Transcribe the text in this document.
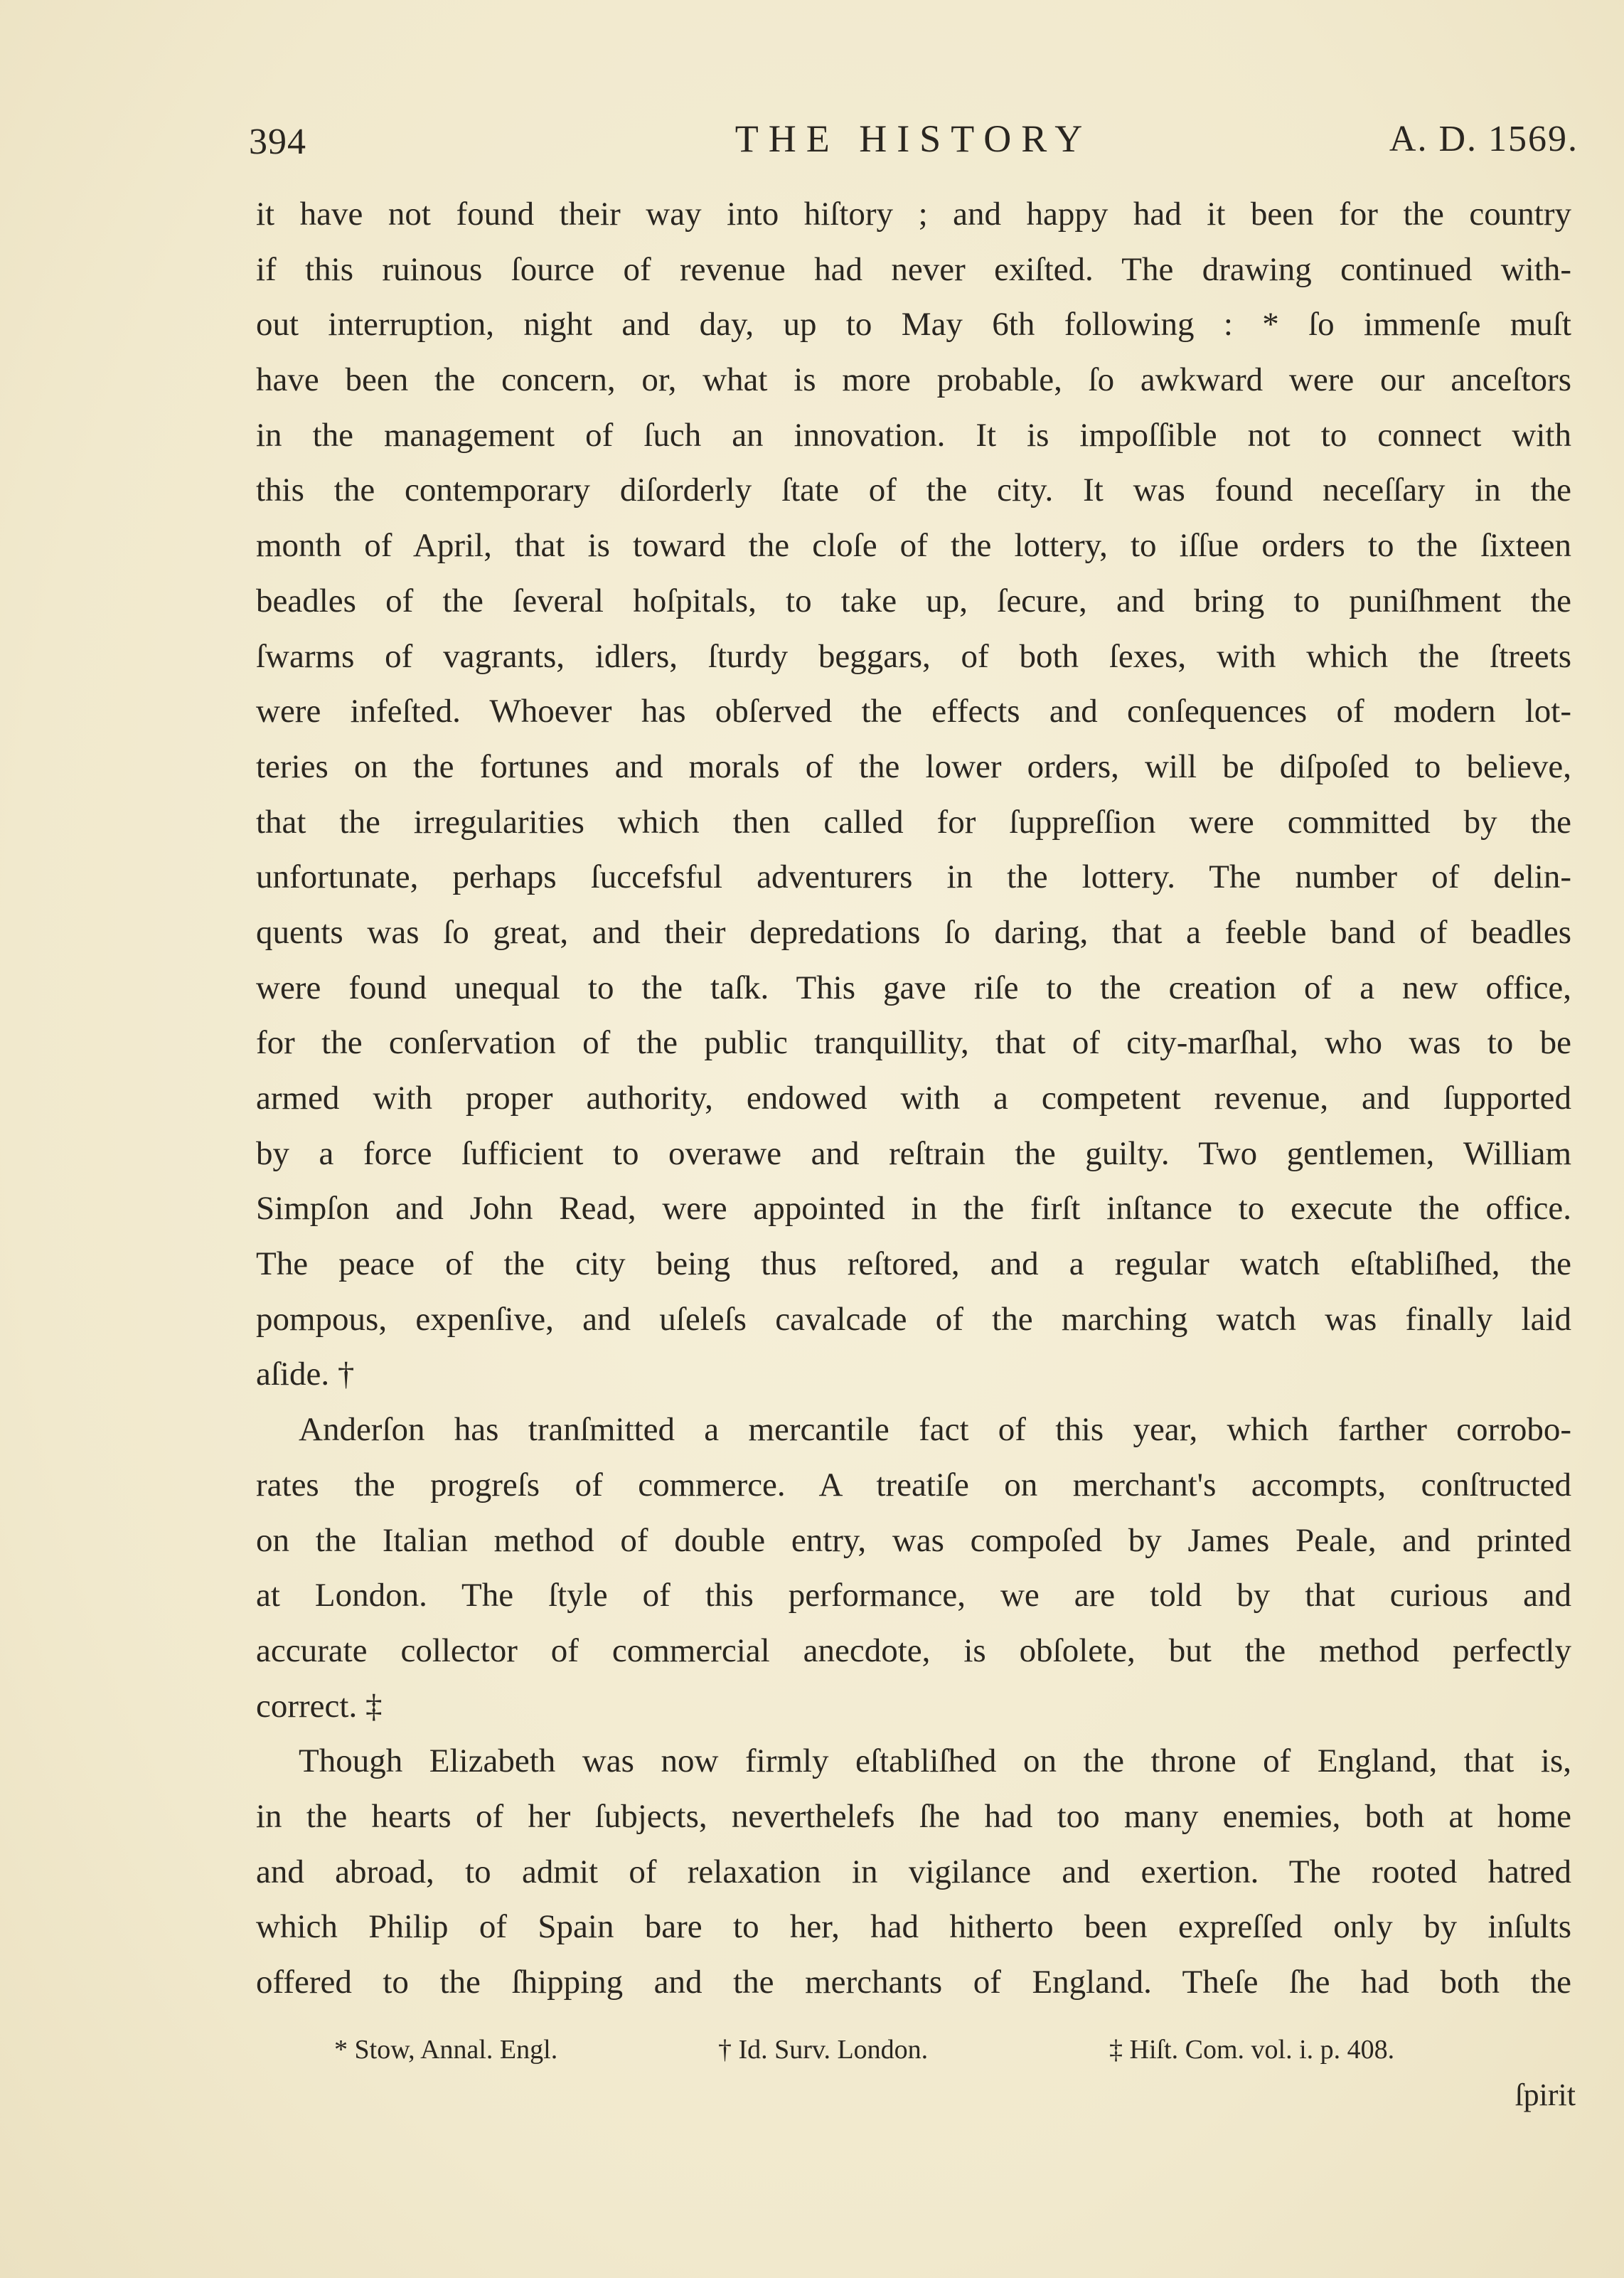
394	THE HISTORY	A. D. 1569.
it have not found their way into hiſtory ; and happy had it been for the country
if this ruinous ſource of revenue had never exiſted. The drawing continued with-
out interruption, night and day, up to May 6th following : * ſo immenſe muſt
have been the concern, or, what is more probable, ſo awkward were our anceſtors
in the management of ſuch an innovation. It is impoſſible not to connect with
this the contemporary diſorderly ſtate of the city. It was found neceſſary in the
month of April, that is toward the cloſe of the lottery, to iſſue orders to the ſixteen
beadles of the ſeveral hoſpitals, to take up, ſecure, and bring to puniſhment the
ſwarms of vagrants, idlers, ſturdy beggars, of both ſexes, with which the ſtreets
were infeſted. Whoever has obſerved the effects and conſequences of modern lot-
teries on the fortunes and morals of the lower orders, will be diſpoſed to believe,
that the irregularities which then called for ſuppreſſion were committed by the
unfortunate, perhaps ſuccefsful adventurers in the lottery. The number of delin-
quents was ſo great, and their depredations ſo daring, that a feeble band of beadles
were found unequal to the taſk. This gave riſe to the creation of a new office,
for the conſervation of the public tranquillity, that of city-marſhal, who was to be
armed with proper authority, endowed with a competent revenue, and ſupported
by a force ſufficient to overawe and reſtrain the guilty. Two gentlemen, William
Simpſon and John Read, were appointed in the firſt inſtance to execute the office.
The peace of the city being thus reſtored, and a regular watch eſtabliſhed, the
pompous, expenſive, and uſeleſs cavalcade of the marching watch was finally laid
aſide. †
Anderſon has tranſmitted a mercantile fact of this year, which farther corrobo-
rates the progreſs of commerce. A treatiſe on merchant's accompts, conſtructed
on the Italian method of double entry, was compoſed by James Peale, and printed
at London. The ſtyle of this performance, we are told by that curious and
accurate collector of commercial anecdote, is obſolete, but the method perfectly
correct. ‡
Though Elizabeth was now firmly eſtabliſhed on the throne of England, that is,
in the hearts of her ſubjects, neverthelefs ſhe had too many enemies, both at home
and abroad, to admit of relaxation in vigilance and exertion. The rooted hatred
which Philip of Spain bare to her, had hitherto been expreſſed only by inſults
offered to the ſhipping and the merchants of England. Theſe ſhe had both the
* Stow, Annal. Engl.	† Id. Surv. London.	‡ Hiſt. Com. vol. i. p. 408.
ſpirit
